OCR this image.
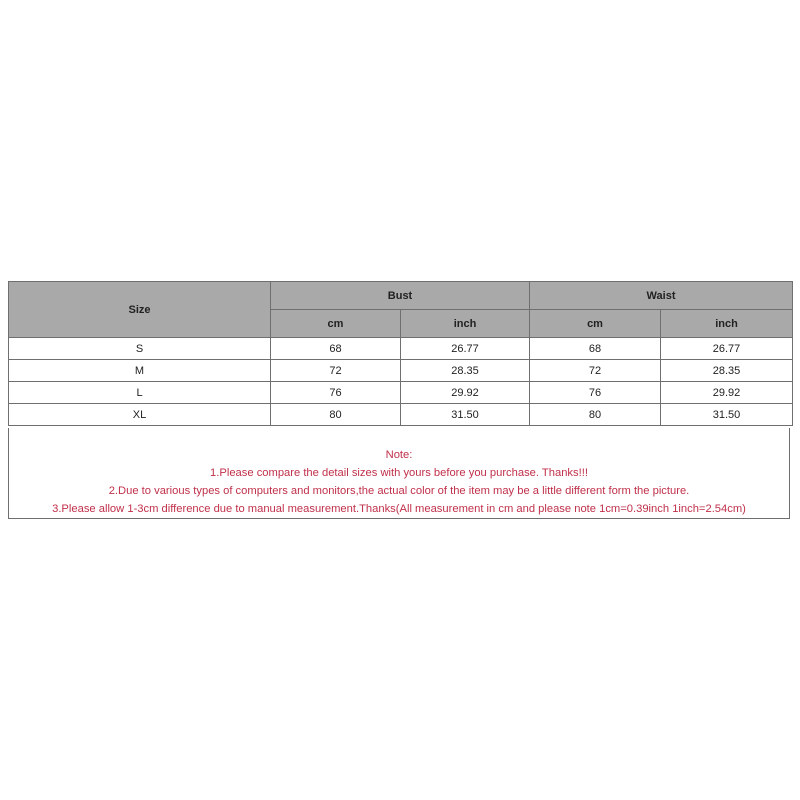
Size	Bust		Waist	
	cm	inch	cm	inch
S	68	26.77	68	26.77
M	72	28.35	72	28.35
L	76	29.92	76	29.92
XL	80	31.50	80	31.50
Note:
1.Please compare the detail sizes with yours before you purchase. Thanks!!!
2.Due to various types of computers and monitors,the actual color of the item may be a little different form the picture.
3.Please allow 1-3cm difference due to manual measurement.Thanks(All measurement in cm and please note 1cm=0.39inch 1inch=2.54cm)
